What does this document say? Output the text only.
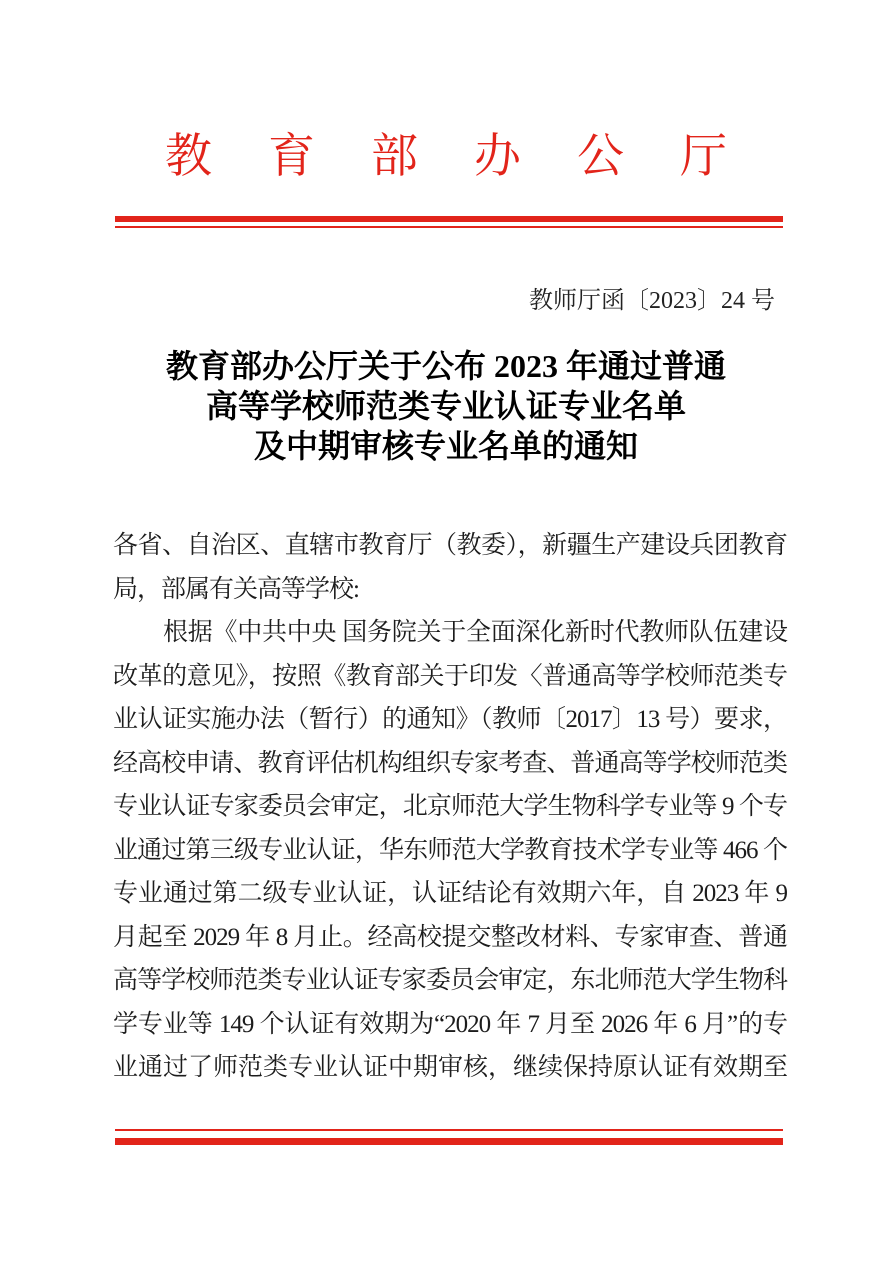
教育部办公厅
教师厅函〔2023〕24 号
教育部办公厅关于公布 2023 年通过普通
高等学校师范类专业认证专业名单
及中期审核专业名单的通知
各省、自治区、直辖市教育厅（教委），新疆生产建设兵团教育
局，部属有关高等学校:
根据《中共中央 国务院关于全面深化新时代教师队伍建设
改革的意见》，按照《教育部关于印发〈普通高等学校师范类专
业认证实施办法（暂行）的通知》（教师〔2017〕13 号）要求，
经高校申请、教育评估机构组织专家考查、普通高等学校师范类
专业认证专家委员会审定，北京师范大学生物科学专业等 9 个专
业通过第三级专业认证，华东师范大学教育技术学专业等 466 个
专业通过第二级专业认证，认证结论有效期六年，自 2023 年 9
月起至 2029 年 8 月止。经高校提交整改材料、专家审查、普通
高等学校师范类专业认证专家委员会审定，东北师范大学生物科
学专业等 149 个认证有效期为“2020 年 7 月至 2026 年 6 月”的专
业通过了师范类专业认证中期审核，继续保持原认证有效期至
